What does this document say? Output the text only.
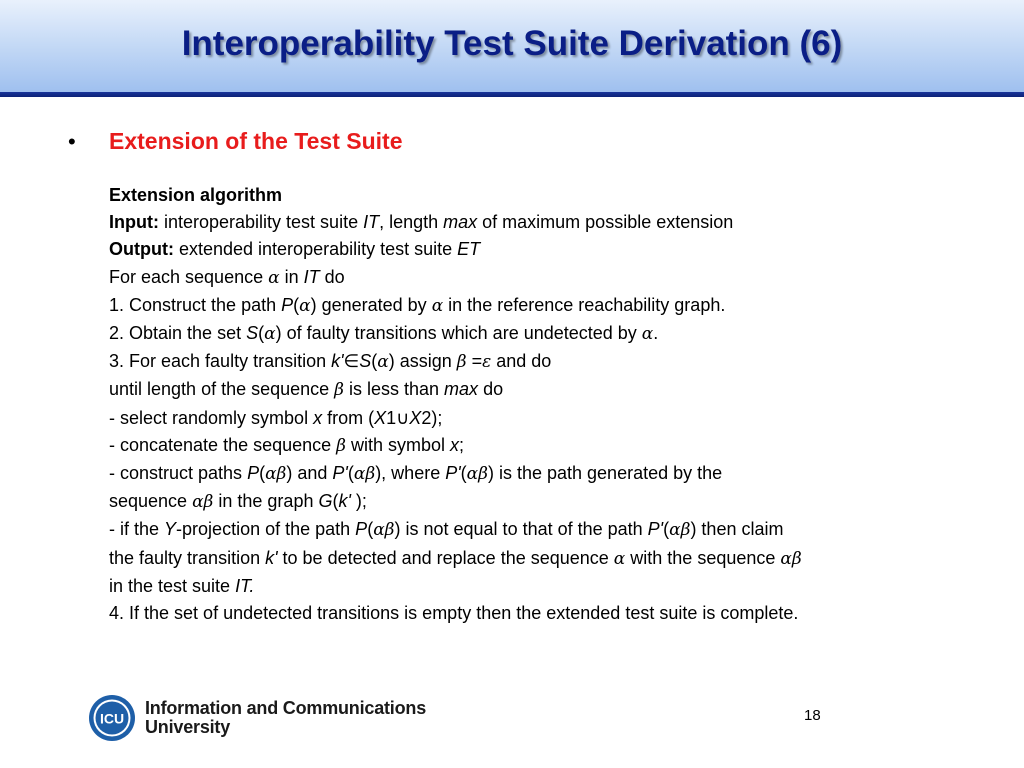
Interoperability Test Suite Derivation (6)
•	Extension of the Test Suite
Extension algorithm
Input: interoperability test suite IT, length max of maximum possible extension
Output: extended interoperability test suite ET
For each sequence α in IT do
1. Construct the path P(α) generated by α in the reference reachability graph.
2. Obtain the set S(α) of faulty transitions which are undetected by α.
3. For each faulty transition k'∈S(α) assign β =ε and do
until length of the sequence β is less than max do
- select randomly symbol x from (X1∪X2);
- concatenate the sequence β with symbol x;
- construct paths P(αβ) and P'(αβ), where P'(αβ) is the path generated by the
sequence αβ in the graph G(k' );
- if the Y-projection of the path P(αβ) is not equal to that of the path P'(αβ) then claim
the faulty transition k' to be detected and replace the sequence α with the sequence αβ
in the test suite IT.
4. If the set of undetected transitions is empty then the extended test suite is complete.
ICU
Information and Communications
University
18
